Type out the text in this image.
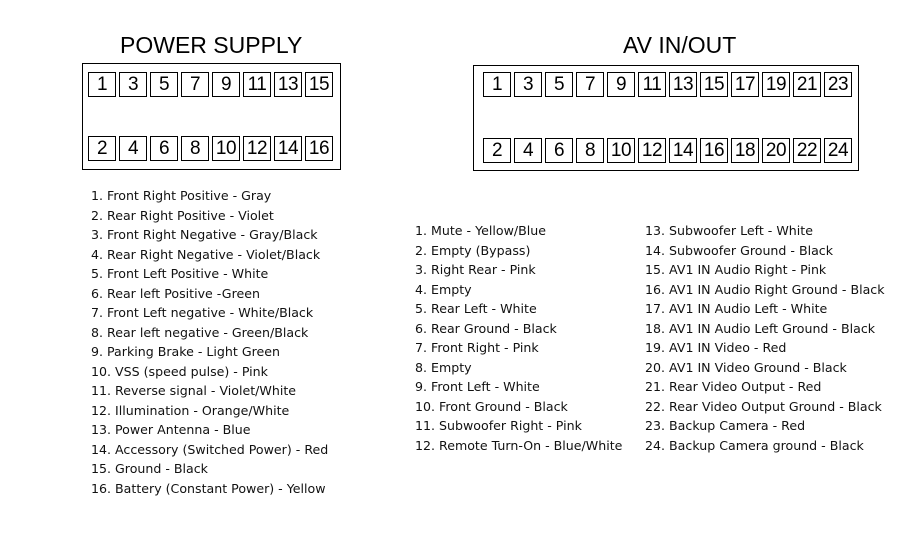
POWER SUPPLY
1	3	5	7	9 11 13 15
2	4	6	8 10 12 14 16
1. Front Right Positive - Gray
2. Rear Right Positive - Violet
3. Front Right Negative - Gray/Black
4. Rear Right Negative - Violet/Black
5. Front Left Positive - White
6. Rear left Positive -Green
7. Front Left negative - White/Black
8. Rear left negative - Green/Black
9. Parking Brake - Light Green
10. VSS (speed pulse) - Pink
11. Reverse signal - Violet/White
12. Illumination - Orange/White
13. Power Antenna - Blue
14. Accessory (Switched Power) - Red
15. Ground - Black
16. Battery (Constant Power) - Yellow
AV IN/OUT
1	3	5	7	9 11 13 15 17 19 21 23
2	4	6	8 10 12 14 16 18 20 22 24
1. Mute - Yellow/Blue
2. Empty (Bypass)
3. Right Rear - Pink
4. Empty
5. Rear Left - White
6. Rear Ground - Black
7. Front Right - Pink
8. Empty
9. Front Left - White
10. Front Ground - Black
11. Subwoofer Right - Pink
12. Remote Turn-On - Blue/White
13. Subwoofer Left - White
14. Subwoofer Ground - Black
15. AV1 IN Audio Right - Pink
16. AV1 IN Audio Right Ground - Black
17. AV1 IN Audio Left - White
18. AV1 IN Audio Left Ground - Black
19. AV1 IN Video - Red
20. AV1 IN Video Ground - Black
21. Rear Video Output - Red
22. Rear Video Output Ground - Black
23. Backup Camera - Red
24. Backup Camera ground - Black
